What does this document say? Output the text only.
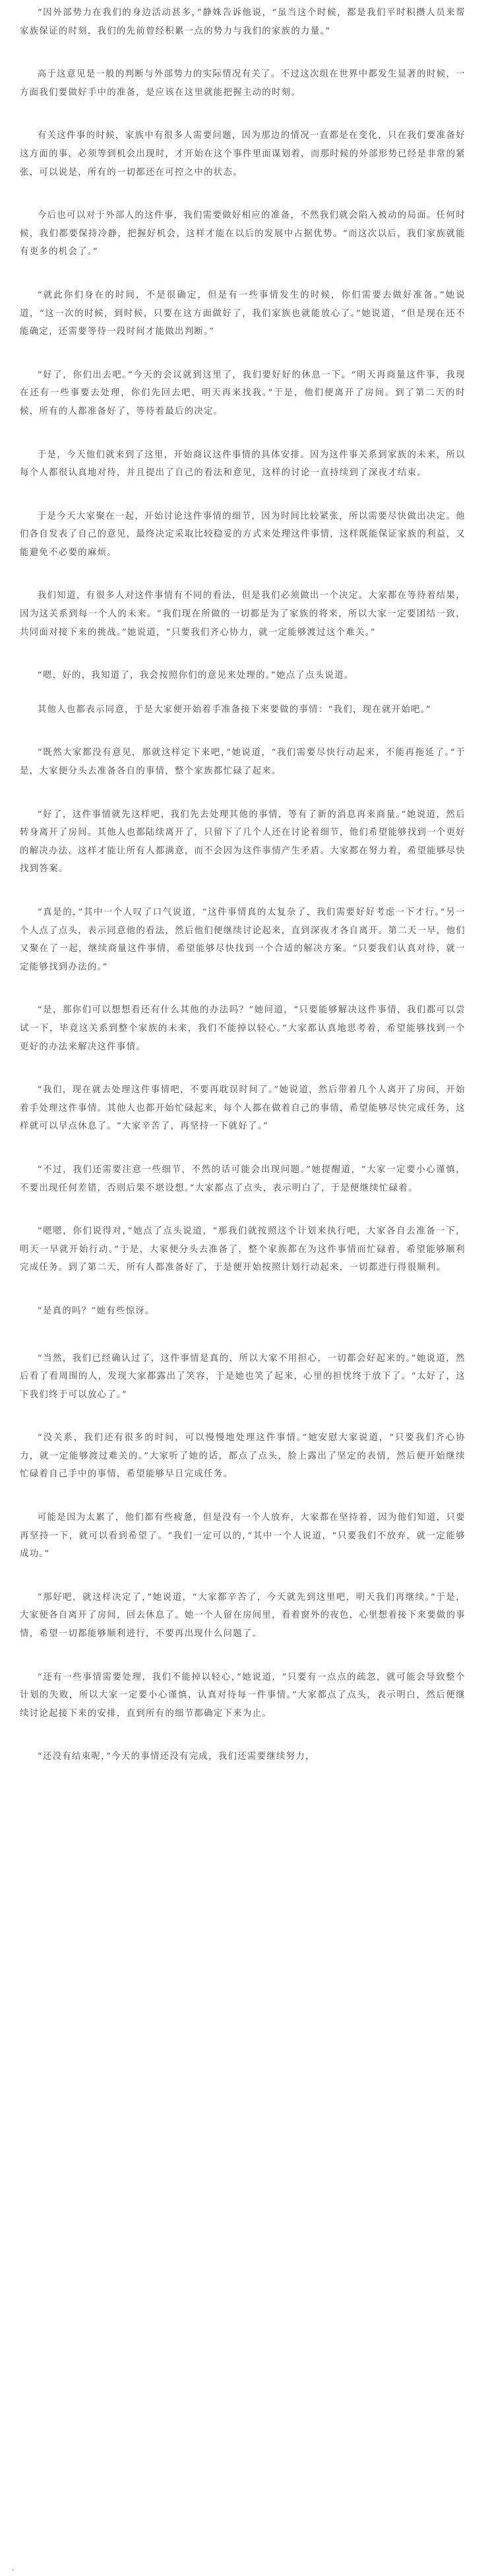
“因外部势力在我们的身边活动甚多，”静姝告诉他说，“虽当这个时候，都是我们平时积攒人员来帮家族保证的时刻，我们的先前曾经积累一点的势力与我们的家族的力量。”

高于这意见是一般的判断与外部势力的实际情况有关了。不过这次组在世界中都发生显著的时候，一方面我们要做好手中的准备，是应该在这里就能把握主动的时刻。

有关这件事的时候，家族中有很多人需要问题，因为那边的情况一直都是在变化，只在我们要准备好这方面的事，必须等到机会出现时，才开始在这个事件里面谋划着，而那时候的外部形势已经是非常的紧张，可以说是，所有的一切都还在可控之中的状态。

今后也可以对于外部人的这件事，我们需要做好相应的准备，不然我们就会陷入被动的局面。任何时候，我们都要保持冷静，把握好机会，这样才能在以后的发展中占据优势。“而这次以后，我们家族就能有更多的机会了。”

“就此你们身在的时间，不是很确定，但是有一些事情发生的时候，你们需要去做好准备。”她说道，“这一次的时候，到时候，只要在这方面做好了，我们家族也就能放心了。”她说道，“但是现在还不能确定，还需要等待一段时间才能做出判断。”

“好了，你们出去吧。”今天的会议就到这里了，我们要好好的休息一下。“明天再商量这件事，我现在还有一些事要去处理，你们先回去吧，明天再来找我。”于是，他们便离开了房间。到了第二天的时候，所有的人都准备好了，等待着最后的决定。

于是，今天他们就来到了这里，开始商议这件事情的具体安排。因为这件事关系到家族的未来，所以每个人都很认真地对待，并且提出了自己的看法和意见，这样的讨论一直持续到了深夜才结束。

于是今天大家聚在一起，开始讨论这件事情的细节，因为时间比较紧张，所以需要尽快做出决定。他们各自发表了自己的意见，最终决定采取比较稳妥的方式来处理这件事情，这样既能保证家族的利益，又能避免不必要的麻烦。

我们知道，有很多人对这件事情有不同的看法，但是我们必须做出一个决定。大家都在等待着结果，因为这关系到每一个人的未来。“我们现在所做的一切都是为了家族的将来，所以大家一定要团结一致，共同面对接下来的挑战。”她说道，“只要我们齐心协力，就一定能够渡过这个难关。”

“嗯，好的，我知道了，我会按照你们的意见来处理的。”她点了点头说道。

其他人也都表示同意，于是大家便开始着手准备接下来要做的事情：“我们，现在就开始吧。”

“既然大家都没有意见，那就这样定下来吧，”她说道，“我们需要尽快行动起来，不能再拖延了。”于是，大家便分头去准备各自的事情，整个家族都忙碌了起来。

“好了，这件事情就先这样吧，我们先去处理其他的事情，等有了新的消息再来商量。”她说道，然后转身离开了房间。其他人也都陆续离开了，只留下了几个人还在讨论着细节，他们希望能够找到一个更好的解决办法，这样才能让所有人都满意，而不会因为这件事情产生矛盾。大家都在努力着，希望能够尽快找到答案。

“真是的，”其中一个人叹了口气说道，“这件事情真的太复杂了，我们需要好好考虑一下才行。”另一个人点了点头，表示同意他的看法，然后他们便继续讨论起来，直到深夜才各自离开。第二天一早，他们又聚在了一起，继续商量这件事情，希望能够尽快找到一个合适的解决方案。“只要我们认真对待，就一定能够找到办法的。”

“是，那你们可以想想看还有什么其他的办法吗？”她问道，“只要能够解决这件事情，我们都可以尝试一下，毕竟这关系到整个家族的未来，我们不能掉以轻心。”大家都认真地思考着，希望能够找到一个更好的办法来解决这件事情。

“我们，现在就去处理这件事情吧，不要再耽误时间了。”她说道，然后带着几个人离开了房间，开始着手处理这件事情。其他人也都开始忙碌起来，每个人都在做着自己的事情，希望能够尽快完成任务，这样就可以早点休息了。“大家辛苦了，再坚持一下就好了。”

“不过，我们还需要注意一些细节，不然的话可能会出现问题。”她提醒道，“大家一定要小心谨慎，不要出现任何差错，否则后果不堪设想。”大家都点了点头，表示明白了，于是便继续忙碌着。

“嗯嗯，你们说得对，”她点了点头说道，“那我们就按照这个计划来执行吧，大家各自去准备一下，明天一早就开始行动。”于是，大家便分头去准备了，整个家族都在为这件事情而忙碌着，希望能够顺利完成任务。到了第二天，所有人都准备好了，于是便开始按照计划行动起来，一切都进行得很顺利。

“是真的吗？”她有些惊讶。

“当然，我们已经确认过了，这件事情是真的，所以大家不用担心，一切都会好起来的。”她说道，然后看了看周围的人，发现大家都露出了笑容，于是她也笑了起来，心里的担忧终于放下了。“太好了，这下我们终于可以放心了。”

“没关系，我们还有很多的时间，可以慢慢地处理这件事情。”她安慰大家说道，“只要我们齐心协力，就一定能够渡过难关的。”大家听了她的话，都点了点头，脸上露出了坚定的表情，然后便开始继续忙碌着自己手中的事情，希望能够早日完成任务。

可能是因为太累了，他们都有些疲惫，但是没有一个人放弃，大家都在坚持着，因为他们知道，只要再坚持一下，就可以看到希望了。“我们一定可以的，”其中一个人说道，“只要我们不放弃，就一定能够成功。”

“那好吧，就这样决定了，”她说道，“大家都辛苦了，今天就先到这里吧，明天我们再继续。”于是，大家便各自离开了房间，回去休息了。她一个人留在房间里，看着窗外的夜色，心里想着接下来要做的事情，希望一切都能够顺利进行，不要再出现什么问题了。

“还有一些事情需要处理，我们不能掉以轻心，”她说道，“只要有一点点的疏忽，就可能会导致整个计划的失败，所以大家一定要小心谨慎，认真对待每一件事情。”大家都点了点头，表示明白，然后便继续讨论起接下来的安排，直到所有的细节都确定下来为止。

“还没有结束呢，”今天的事情还没有完成，我们还需要继续努力，
